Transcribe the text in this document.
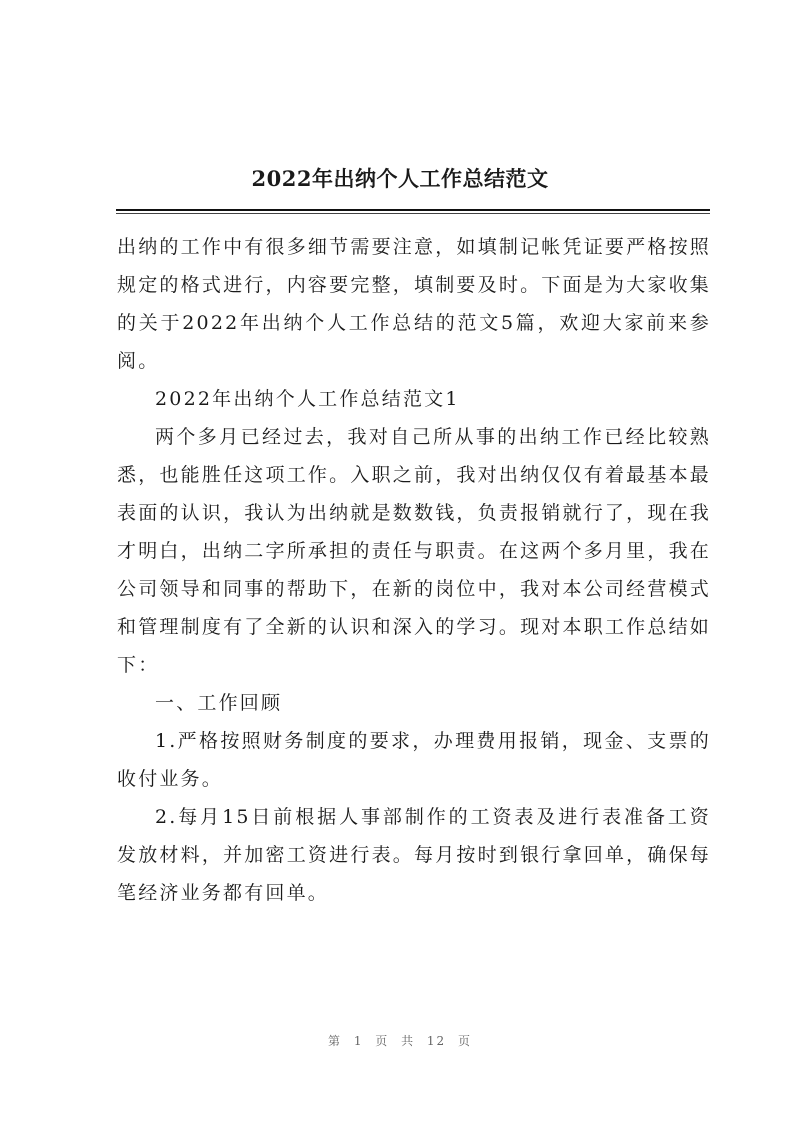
2022年出纳个人工作总结范文

出纳的工作中有很多细节需要注意，如填制记帐凭证要严格按照规定的格式进行，内容要完整，填制要及时。下面是为大家收集的关于2022年出纳个人工作总结的范文5篇，欢迎大家前来参阅。

2022年出纳个人工作总结范文1

两个多月已经过去，我对自己所从事的出纳工作已经比较熟悉，也能胜任这项工作。入职之前，我对出纳仅仅有着最基本最表面的认识，我认为出纳就是数数钱，负责报销就行了，现在我才明白，出纳二字所承担的责任与职责。在这两个多月里，我在公司领导和同事的帮助下，在新的岗位中，我对本公司经营模式和管理制度有了全新的认识和深入的学习。现对本职工作总结如下：

一、工作回顾

1.严格按照财务制度的要求，办理费用报销，现金、支票的收付业务。

2.每月15日前根据人事部制作的工资表及进行表准备工资发放材料，并加密工资进行表。每月按时到银行拿回单，确保每笔经济业务都有回单。

第 1 页 共 12 页
